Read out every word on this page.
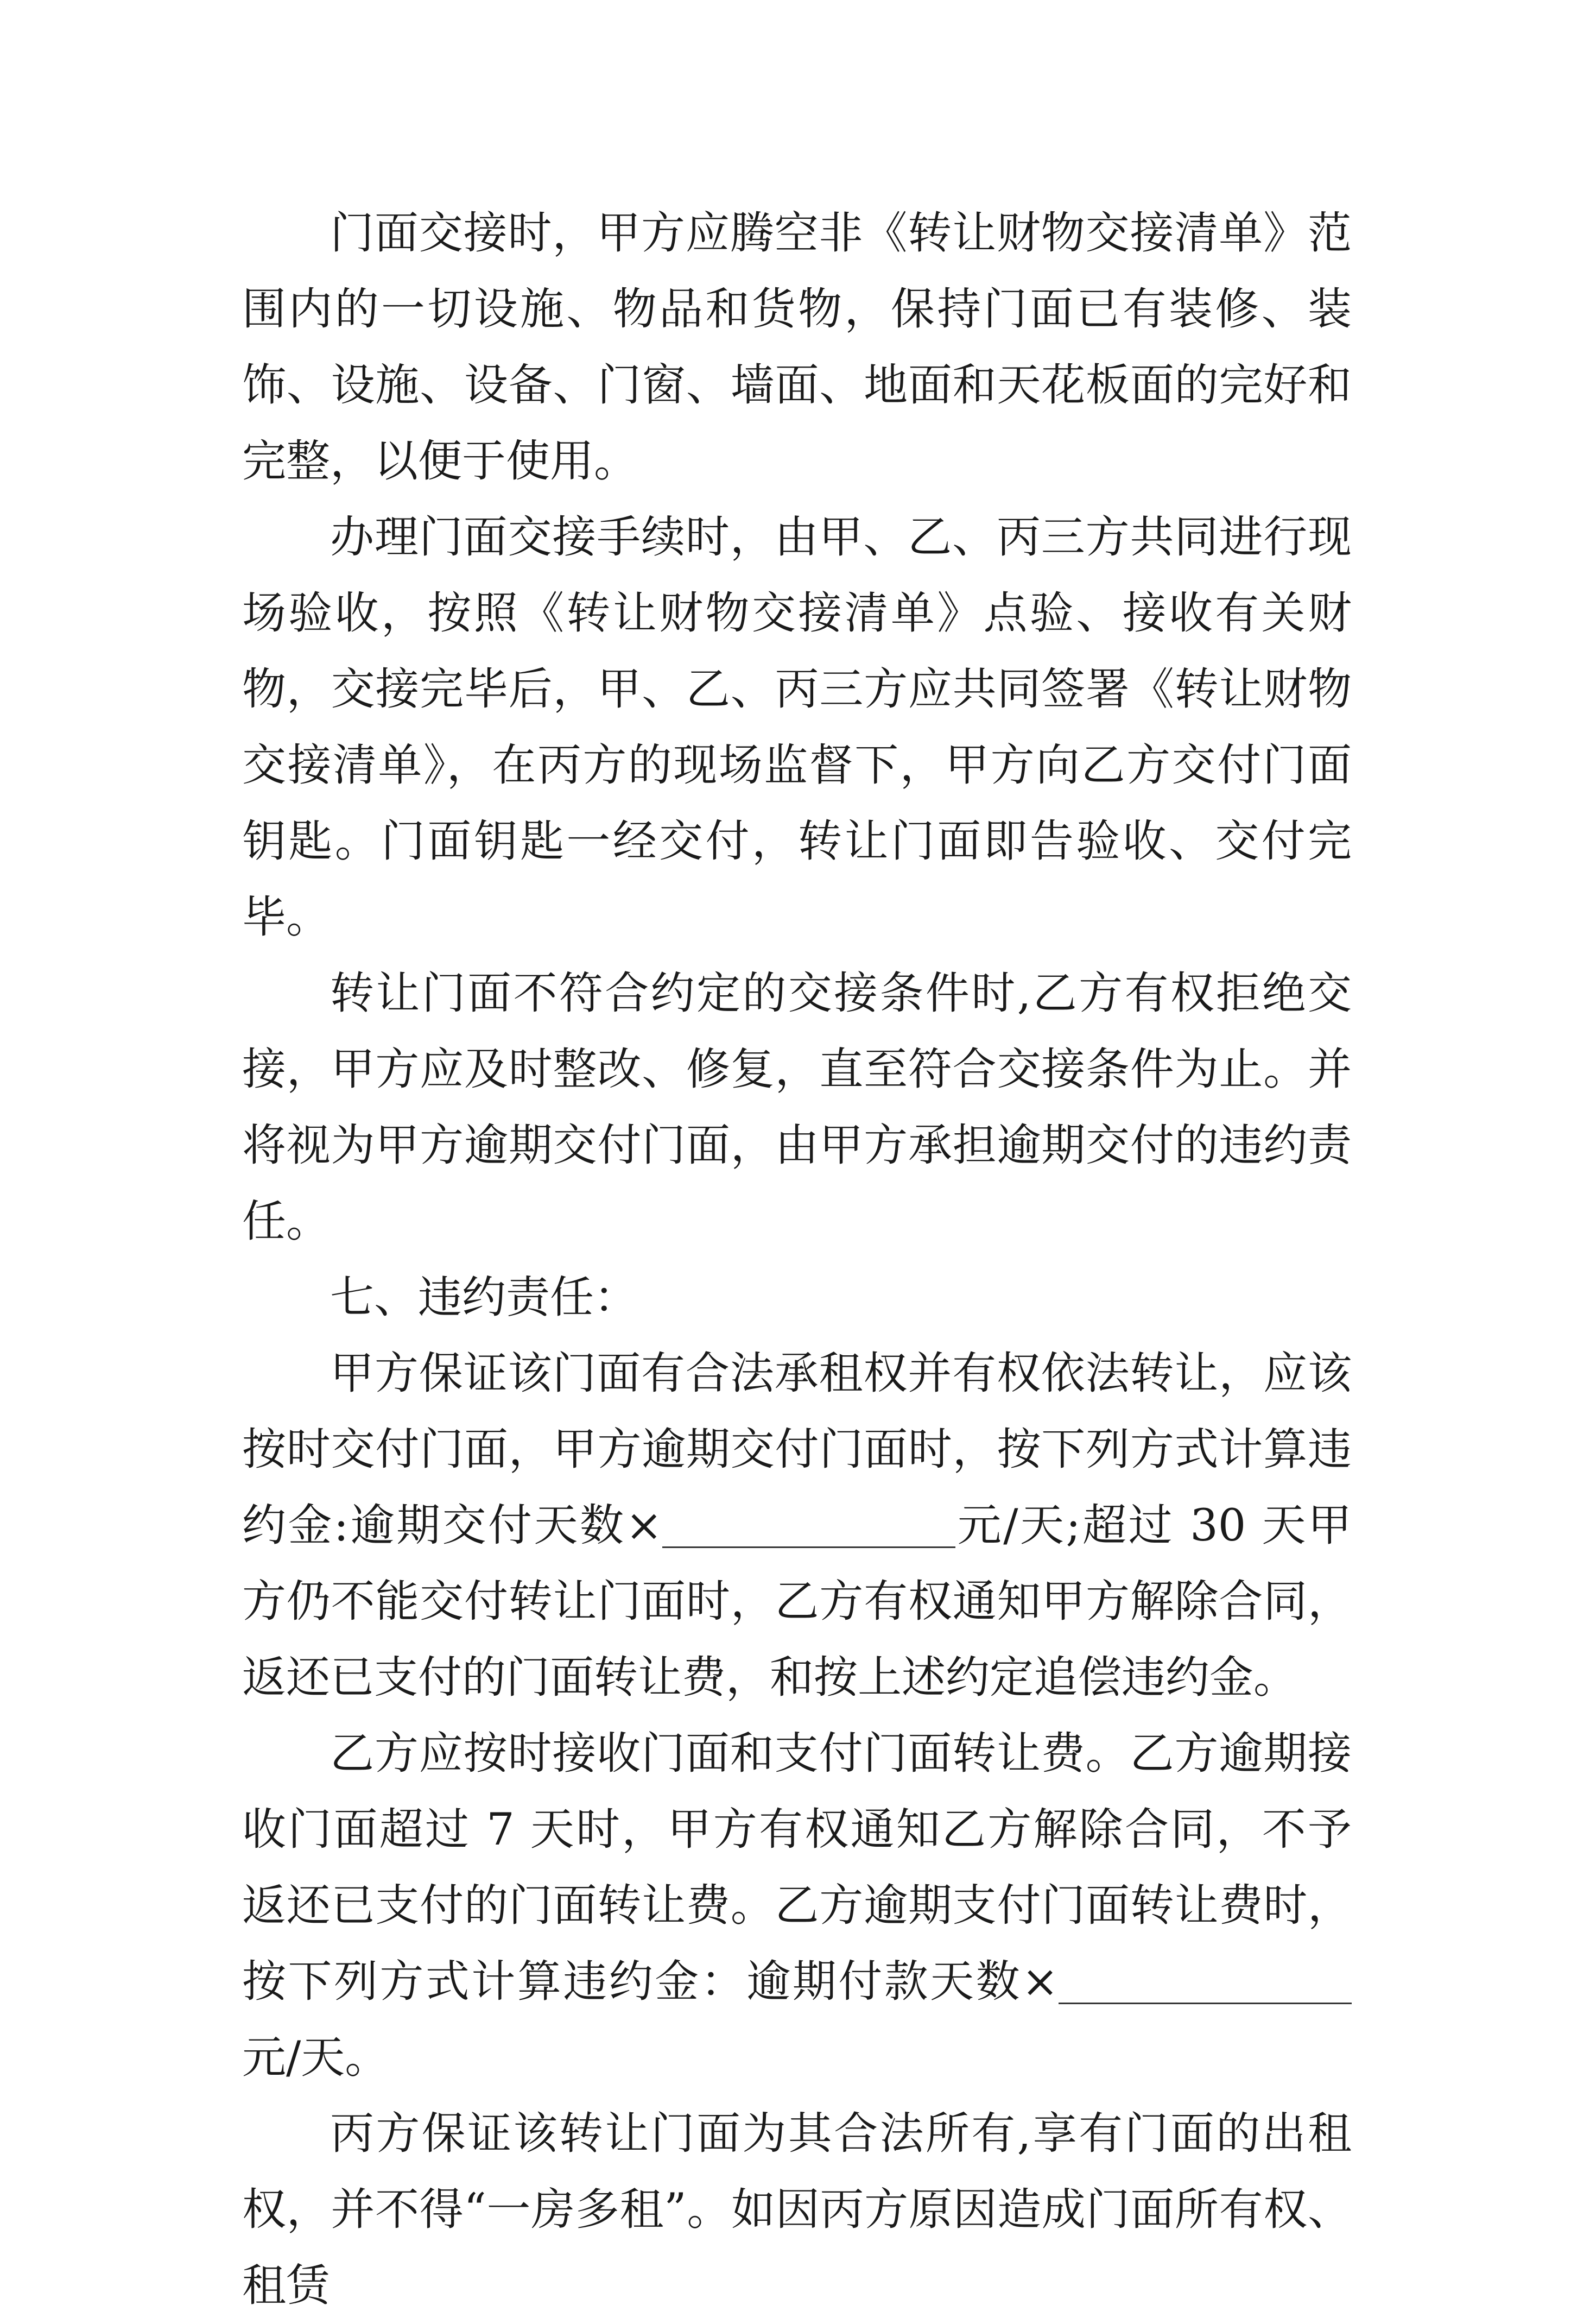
门面交接时，甲方应腾空非《转让财物交接清单》范围内的一切设施、物品和货物，保持门面已有装修、装饰、设施、设备、门窗、墙面、地面和天花板面的完好和完整，以便于使用。

办理门面交接手续时，由甲、乙、丙三方共同进行现场验收，按照《转让财物交接清单》点验、接收有关财物，交接完毕后，甲、乙、丙三方应共同签署《转让财物交接清单》，在丙方的现场监督下，甲方向乙方交付门面钥匙。门面钥匙一经交付，转让门面即告验收、交付完毕。

转让门面不符合约定的交接条件时,乙方有权拒绝交接，甲方应及时整改、修复，直至符合交接条件为止。并将视为甲方逾期交付门面，由甲方承担逾期交付的违约责任。

七、违约责任：

甲方保证该门面有合法承租权并有权依法转让，应该按时交付门面，甲方逾期交付门面时，按下列方式计算违约金:逾期交付天数×	元/天;超过 30 天甲方仍不能交付转让门面时，乙方有权通知甲方解除合同，返还已支付的门面转让费，和按上述约定追偿违约金。

乙方应按时接收门面和支付门面转让费。乙方逾期接收门面超过 7 天时，甲方有权通知乙方解除合同，不予返还已支付的门面转让费。乙方逾期支付门面转让费时，按下列方式计算违约金：逾期付款天数×元/天。

丙方保证该转让门面为其合法所有,享有门面的出租权，并不得“一房多租”。如因丙方原因造成门面所有权、租赁
